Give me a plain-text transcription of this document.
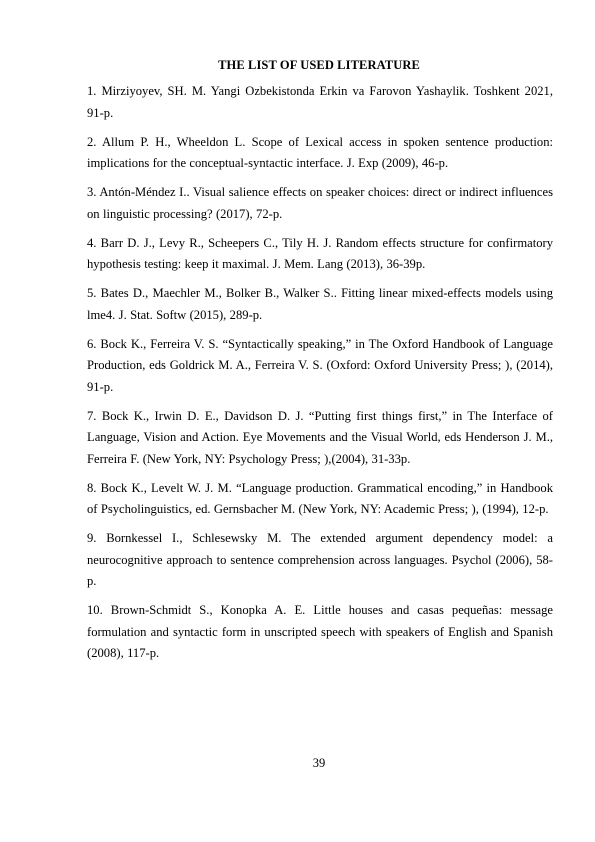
THE LIST OF USED LITERATURE

1. Mirziyoyev, SH. M. Yangi Ozbekistonda Erkin va Farovon Yashaylik. Toshkent 2021, 91-p.

2. Allum P. H., Wheeldon L. Scope of Lexical access in spoken sentence production: implications for the conceptual-syntactic interface. J. Exp (2009), 46-p.

3. Antón-Méndez I.. Visual salience effects on speaker choices: direct or indirect influences on linguistic processing? (2017), 72-p.

4. Barr D. J., Levy R., Scheepers C., Tily H. J. Random effects structure for confirmatory hypothesis testing: keep it maximal. J. Mem. Lang (2013), 36-39p.

5. Bates D., Maechler M., Bolker B., Walker S.. Fitting linear mixed-effects models using lme4. J. Stat. Softw (2015), 289-p.

6. Bock K., Ferreira V. S. “Syntactically speaking,” in The Oxford Handbook of Language Production, eds Goldrick M. A., Ferreira V. S. (Oxford: Oxford University Press; ), (2014), 91-p.

7. Bock K., Irwin D. E., Davidson D. J. “Putting first things first,” in The Interface of Language, Vision and Action. Eye Movements and the Visual World, eds Henderson J. M., Ferreira F. (New York, NY: Psychology Press; ),(2004), 31-33p.

8. Bock K., Levelt W. J. M. “Language production. Grammatical encoding,” in Handbook of Psycholinguistics, ed. Gernsbacher M. (New York, NY: Academic Press; ), (1994), 12-p.

9. Bornkessel I., Schlesewsky M. The extended argument dependency model: a neurocognitive approach to sentence comprehension across languages. Psychol (2006), 58-p.

10. Brown-Schmidt S., Konopka A. E. Little houses and casas pequeñas: message formulation and syntactic form in unscripted speech with speakers of English and Spanish (2008), 117-p.

39
